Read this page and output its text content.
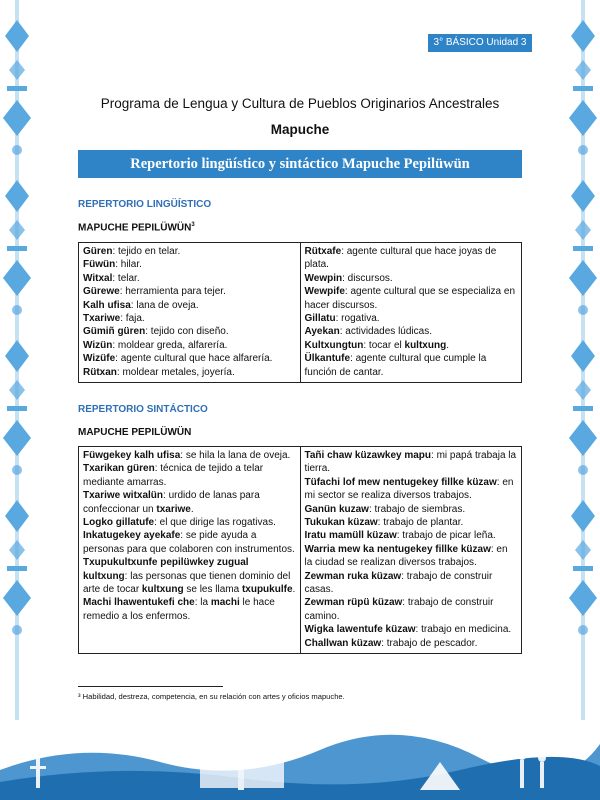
3° BÁSICO Unidad 3
Programa de Lengua y Cultura de Pueblos Originarios Ancestrales
Mapuche
Repertorio lingüístico y sintáctico Mapuche Pepilüwün
REPERTORIO LINGÜÍSTICO
MAPUCHE PEPILÜWÜN$^3$
Güren: tejido en telar.
Füwün: hilar.
Witxal: telar.
Gürewe: herramienta para tejer.
Kalh ufisa: lana de oveja.
Txariwe: faja.
Gümiñ güren: tejido con diseño.
Wizün: moldear greda, alfarería.
Wizüfe: agente cultural que hace alfarería.
Rütxan: moldear metales, joyería.

Rütxafe: agente cultural que hace joyas de plata.
Wewpin: discursos.
Wewpife: agente cultural que se especializa en hacer discursos.
Gillatu: rogativa.
Ayekan: actividades lúdicas.
Kultxungtun: tocar el kultxung.
Ülkantufe: agente cultural que cumple la función de cantar.
REPERTORIO SINTÁCTICO
MAPUCHE PEPILÜWÜN
Füwgekey kalh ufisa: se hila la lana de oveja.
Txarikan güren: técnica de tejido a telar mediante amarras.
Txariwe witxalün: urdido de lanas para confeccionar un txariwe.
Logko gillatufe: el que dirige las rogativas.
Inkatugekey ayekafe: se pide ayuda a personas para que colaboren con instrumentos.
Txupukultxunfe pepilüwkey zugual kultxung: las personas que tienen dominio del arte de tocar kultxung se les llama txupukulfe.
Machi lhawentukefi che: la machi le hace remedio a los enfermos.

Tañi chaw küzawkey mapu: mi papá trabaja la tierra.
Tüfachi lof mew nentugekey fillke küzaw: en mi sector se realiza diversos trabajos.
Ganün kuzaw: trabajo de siembras.
Tukukan küzaw: trabajo de plantar.
Iratu mamüll küzaw: trabajo de picar leña.
Warria mew ka nentugekey fillke küzaw: en la ciudad se realizan diversos trabajos.
Zewman ruka küzaw: trabajo de construir casas.
Zewman rüpü küzaw: trabajo de construir camino.
Wigka lawentufe küzaw: trabajo en medicina.
Challwan küzaw: trabajo de pescador.
³ Habilidad, destreza, competencia, en su relación con artes y oficios mapuche.
